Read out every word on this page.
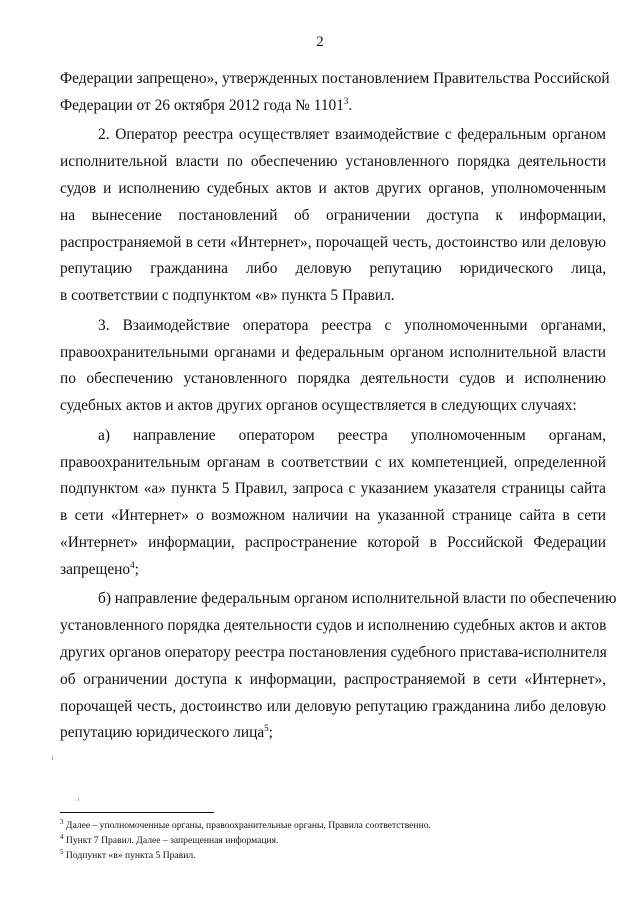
2
Федерации запрещено», утвержденных постановлением Правительства Российской
Федерации от 26 октября 2012 года № 1101$^3$.
2. Оператор реестра осуществляет взаимодействие с федеральным органом
исполнительной власти по обеспечению установленного порядка деятельности
судов и исполнению судебных актов и актов других органов, уполномоченным
на вынесение постановлений об ограничении доступа к информации,
распространяемой в сети «Интернет», порочащей честь, достоинство или деловую
репутацию гражданина либо деловую репутацию юридического лица,
в соответствии с подпунктом «в» пункта 5 Правил.
3. Взаимодействие оператора реестра с уполномоченными органами,
правоохранительными органами и федеральным органом исполнительной власти
по обеспечению установленного порядка деятельности судов и исполнению
судебных актов и актов других органов осуществляется в следующих случаях:
а) направление оператором реестра уполномоченным органам,
правоохранительным органам в соответствии с их компетенцией, определенной
подпунктом «а» пункта 5 Правил, запроса с указанием указателя страницы сайта
в сети «Интернет» о возможном наличии на указанной странице сайта в сети
«Интернет» информации, распространение которой в Российской Федерации
запрещено$^4$;
б) направление федеральным органом исполнительной власти по обеспечению
установленного порядка деятельности судов и исполнению судебных актов и актов
других органов оператору реестра постановления судебного пристава-исполнителя
об ограничении доступа к информации, распространяемой в сети «Интернет»,
порочащей честь, достоинство или деловую репутацию гражданина либо деловую
репутацию юридического лица$^5$;
$^3$ Далее – уполномоченные органы, правоохранительные органы, Правила соответственно.
$^4$ Пункт 7 Правил. Далее – запрещенная информация.
$^5$ Подпункт «в» пункта 5 Правил.
